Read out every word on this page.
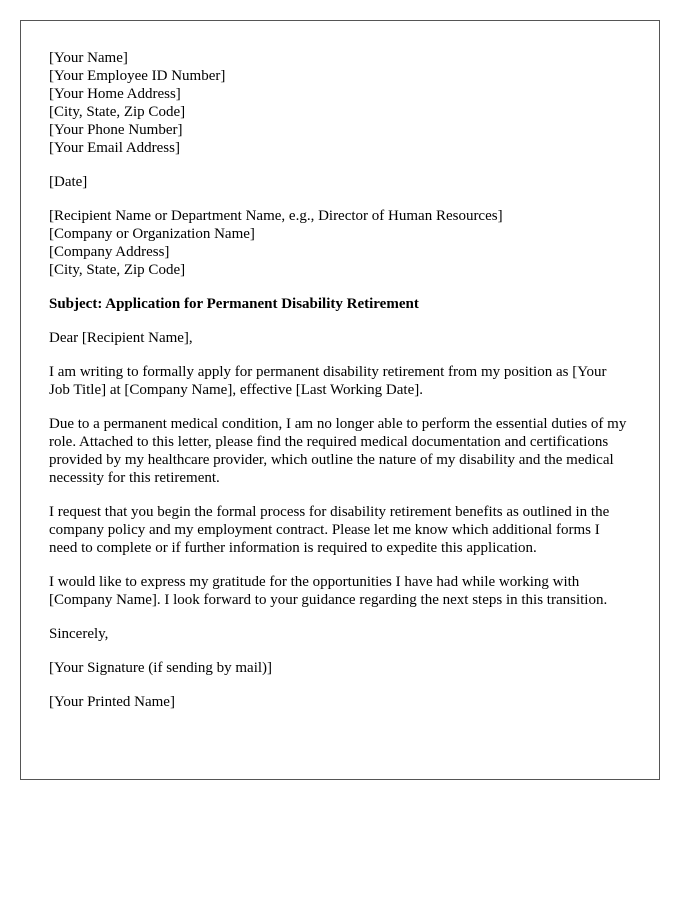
[Your Name]
[Your Employee ID Number]
[Your Home Address]
[City, State, Zip Code]
[Your Phone Number]
[Your Email Address]
[Date]
[Recipient Name or Department Name, e.g., Director of Human Resources]
[Company or Organization Name]
[Company Address]
[City, State, Zip Code]
Subject: Application for Permanent Disability Retirement

Dear [Recipient Name],

I am writing to formally apply for permanent disability retirement from my position as [Your Job Title] at [Company Name], effective [Last Working Date].

Due to a permanent medical condition, I am no longer able to perform the essential duties of my role. Attached to this letter, please find the required medical documentation and certifications provided by my healthcare provider, which outline the nature of my disability and the medical necessity for this retirement.

I request that you begin the formal process for disability retirement benefits as outlined in the company policy and my employment contract. Please let me know which additional forms I need to complete or if further information is required to expedite this application.

I would like to express my gratitude for the opportunities I have had while working with [Company Name]. I look forward to your guidance regarding the next steps in this transition.

Sincerely,

[Your Signature (if sending by mail)]

[Your Printed Name]
